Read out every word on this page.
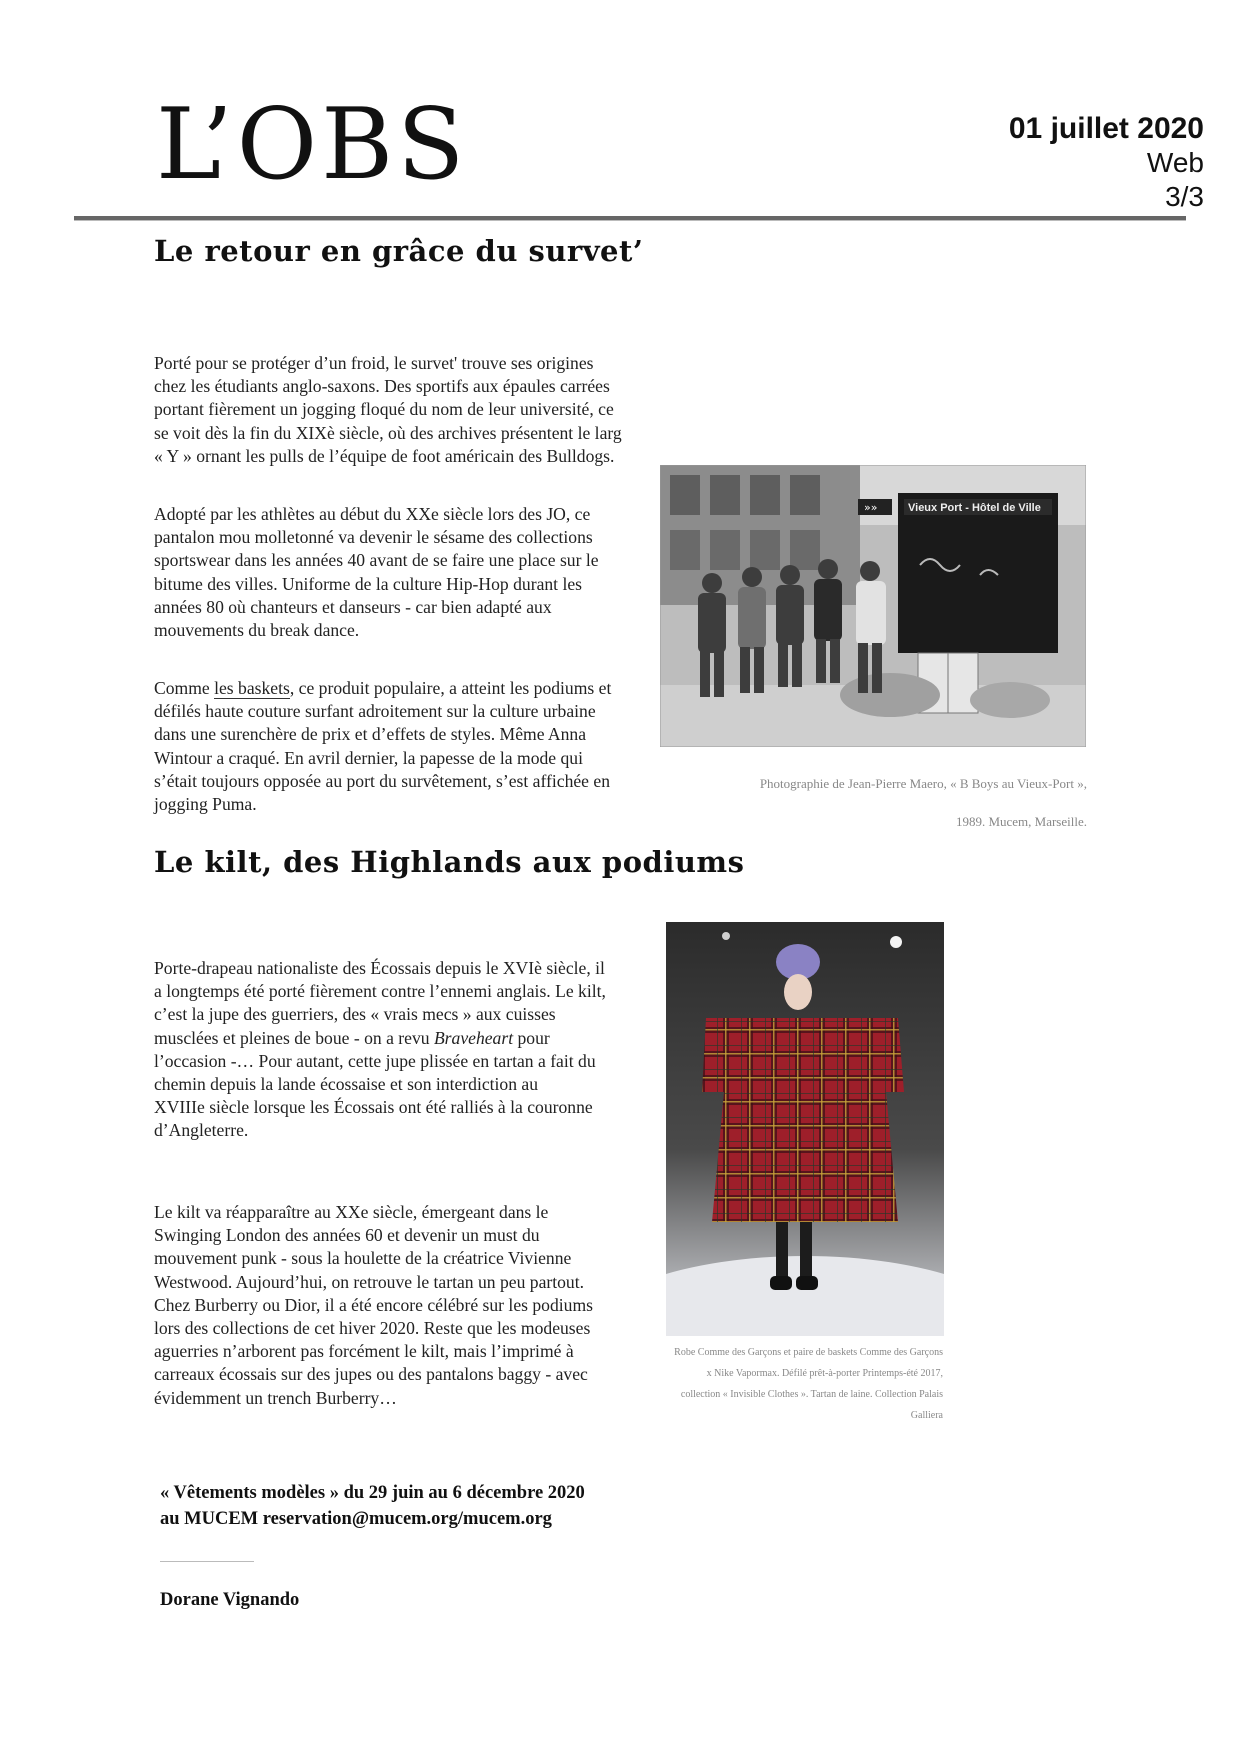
L’OBS	01 juillet 2020
Web
3/3
Le retour en grâce du survet’
Porté pour se protéger d’un froid, le survet' trouve ses origines
chez les étudiants anglo-saxons. Des sportifs aux épaules carrées
portant fièrement un jogging floqué du nom de leur université, ce
se voit dès la fin du XIXè siècle, où des archives présentent le larg
« Y » ornant les pulls de l’équipe de foot américain des Bulldogs.
Adopté par les athlètes au début du XXe siècle lors des JO, ce
pantalon mou molletonné va devenir le sésame des collections
sportswear dans les années 40 avant de se faire une place sur le
bitume des villes. Uniforme de la culture Hip-Hop durant les
années 80 où chanteurs et danseurs - car bien adapté aux
mouvements du break dance.
Comme les baskets, ce produit populaire, a atteint les podiums et
défilés haute couture surfant adroitement sur la culture urbaine
dans une surenchère de prix et d’effets de styles. Même Anna
Wintour a craqué. En avril dernier, la papesse de la mode qui
s’était toujours opposée au port du survêtement, s’est affichée en
jogging Puma.
Vieux Port - Hôtel de Ville
»»
Photographie de Jean-Pierre Maero, « B Boys au Vieux-Port »,
1989. Mucem, Marseille.
Le kilt, des Highlands aux podiums
Porte-drapeau nationaliste des Écossais depuis le XVIè siècle, il
a longtemps été porté fièrement contre l’ennemi anglais. Le kilt,
c’est la jupe des guerriers, des « vrais mecs » aux cuisses
musclées et pleines de boue - on a revu Braveheart pour
l’occasion -… Pour autant, cette jupe plissée en tartan a fait du
chemin depuis la lande écossaise et son interdiction au
XVIIIe siècle lorsque les Écossais ont été ralliés à la couronne
d’Angleterre.
Le kilt va réapparaître au XXe siècle, émergeant dans le
Swinging London des années 60 et devenir un must du
mouvement punk - sous la houlette de la créatrice Vivienne
Westwood. Aujourd’hui, on retrouve le tartan un peu partout.
Chez Burberry ou Dior, il a été encore célébré sur les podiums
lors des collections de cet hiver 2020. Reste que les modeuses
aguerries n’arborent pas forcément le kilt, mais l’imprimé à
carreaux écossais sur des jupes ou des pantalons baggy - avec
évidemment un trench Burberry…
Robe Comme des Garçons et paire de baskets Comme des Garçons
x Nike Vapormax. Défilé prêt-à-porter Printemps-été 2017,
collection « Invisible Clothes ». Tartan de laine. Collection Palais
Galliera
« Vêtements modèles » du 29 juin au 6 décembre 2020
au MUCEM reservation@mucem.org/mucem.org
Dorane Vignando
